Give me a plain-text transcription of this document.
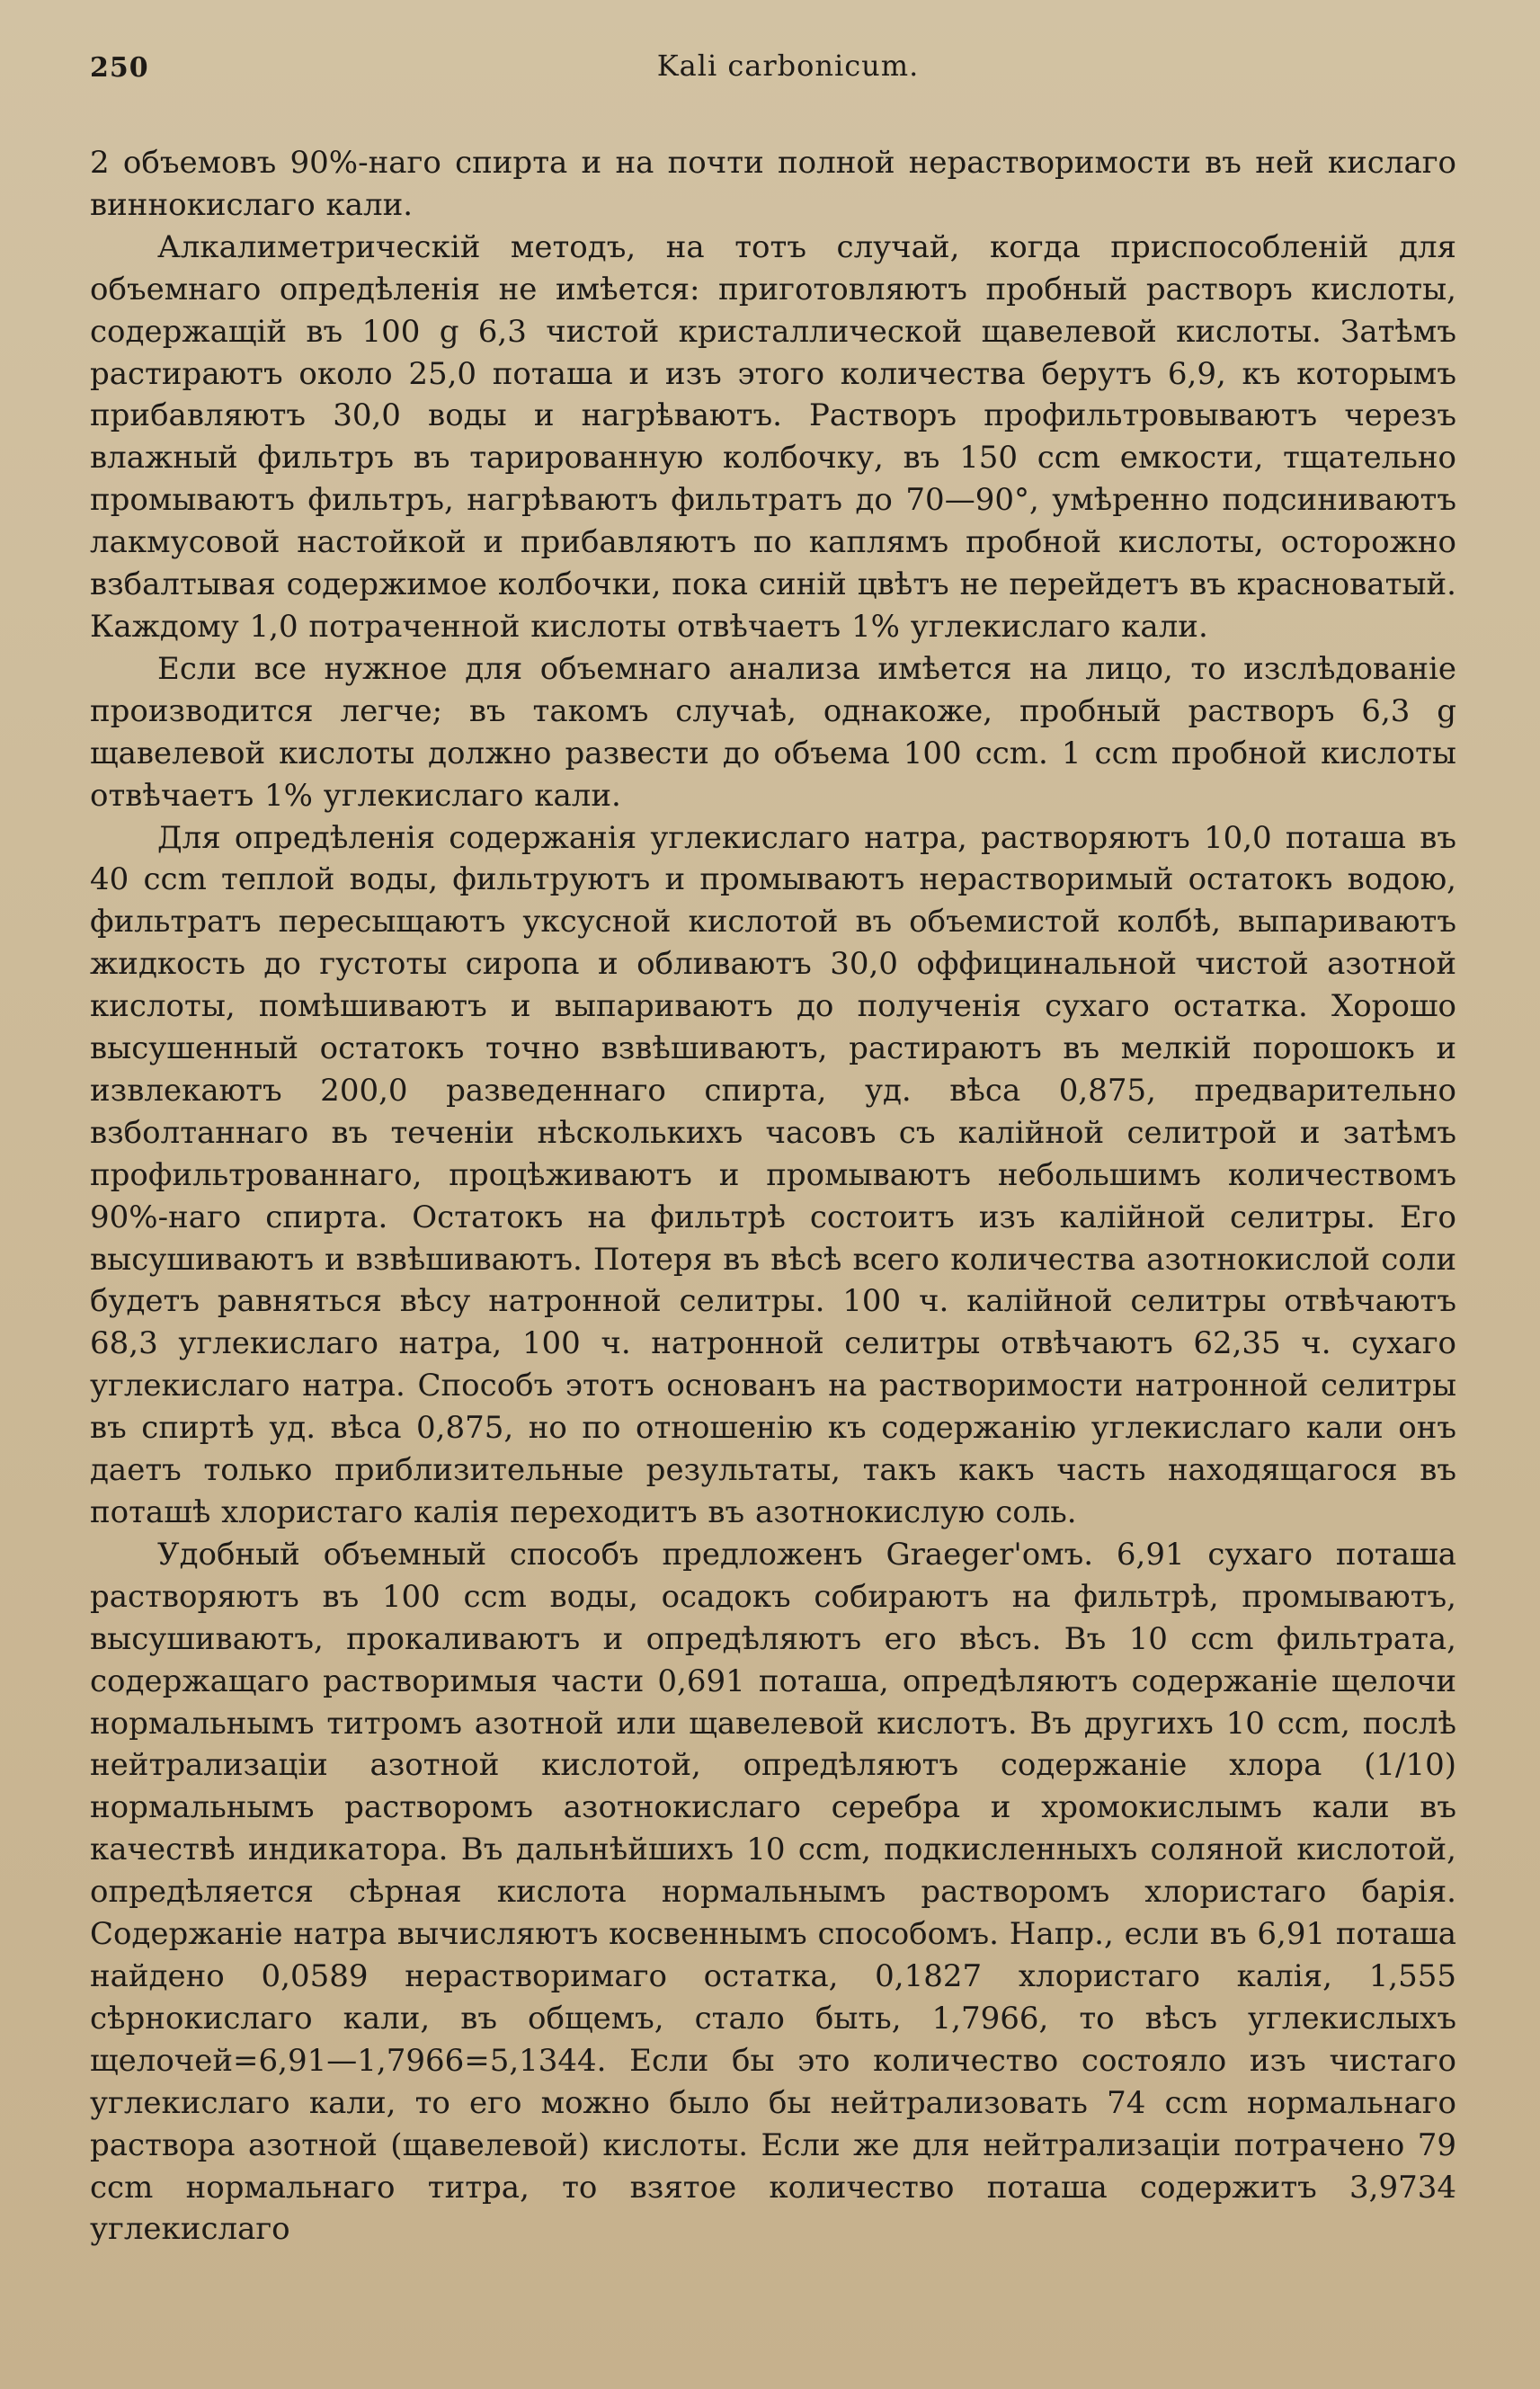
250	Kali carbonicum.

2 объемовъ 90%-наго спирта и на почти полной нерастворимости въ ней кислаго виннокислаго кали.

Алкалиметрическій методъ, на тотъ случай, когда приспособленій для объемнаго опредѣленія не имѣется: приготовляютъ пробный растворъ кислоты, содержащій въ 100 g 6,3 чистой кристаллической щавелевой кислоты. Затѣмъ растираютъ около 25,0 поташа и изъ этого количества берутъ 6,9, къ которымъ прибавляютъ 30,0 воды и нагрѣваютъ. Растворъ профильтровываютъ черезъ влажный фильтръ въ тарированную колбочку, въ 150 ccm емкости, тщательно промываютъ фильтръ, нагрѣваютъ фильтратъ до 70—90°, умѣренно подсиниваютъ лакмусовой настойкой и прибавляютъ по каплямъ пробной кислоты, осторожно взбалтывая содержимое колбочки, пока синій цвѣтъ не перейдетъ въ красноватый. Каждому 1,0 потраченной кислоты отвѣчаетъ 1% углекислаго кали.

Если все нужное для объемнаго анализа имѣется на лицо, то изслѣдованіе производится легче; въ такомъ случаѣ, однакоже, пробный растворъ 6,3 g щавелевой кислоты должно развести до объема 100 ccm. 1 ccm пробной кислоты отвѣчаетъ 1% углекислаго кали.

Для опредѣленія содержанія углекислаго натра, растворяютъ 10,0 поташа въ 40 ccm теплой воды, фильтруютъ и промываютъ нерастворимый остатокъ водою, фильтратъ пересыщаютъ уксусной кислотой въ объемистой колбѣ, выпариваютъ жидкость до густоты сиропа и обливаютъ 30,0 оффицинальной чистой азотной кислоты, помѣшиваютъ и выпариваютъ до полученія сухаго остатка. Хорошо высушенный остатокъ точно взвѣшиваютъ, растираютъ въ мелкій порошокъ и извлекаютъ 200,0 разведеннаго спирта, уд. вѣса 0,875, предварительно взболтаннаго въ теченіи нѣсколькихъ часовъ съ калійной селитрой и затѣмъ профильтрованнаго, процѣживаютъ и промываютъ небольшимъ количествомъ 90%-наго спирта. Остатокъ на фильтрѣ состоитъ изъ калійной селитры. Его высушиваютъ и взвѣшиваютъ. Потеря въ вѣсѣ всего количества азотнокислой соли будетъ равняться вѣсу натронной селитры. 100 ч. калійной селитры отвѣчаютъ 68,3 углекислаго натра, 100 ч. натронной селитры отвѣчаютъ 62,35 ч. сухаго углекислаго натра. Способъ этотъ основанъ на растворимости натронной селитры въ спиртѣ уд. вѣса 0,875, но по отношенію къ содержанію углекислаго кали онъ даетъ только приблизительные результаты, такъ какъ часть находящагося въ поташѣ хлористаго калія переходитъ въ азотнокислую соль.

Удобный объемный способъ предложенъ Graeger'омъ. 6,91 сухаго поташа растворяютъ въ 100 ccm воды, осадокъ собираютъ на фильтрѣ, промываютъ, высушиваютъ, прокаливаютъ и опредѣляютъ его вѣсъ. Въ 10 ccm фильтрата, содержащаго растворимыя части 0,691 поташа, опредѣляютъ содержаніе щелочи нормальнымъ титромъ азотной или щавелевой кислотъ. Въ другихъ 10 ccm, послѣ нейтрализаціи азотной кислотой, опредѣляютъ содержаніе хлора (1/10) нормальнымъ растворомъ азотнокислаго серебра и хромокислымъ кали въ качествѣ индикатора. Въ дальнѣйшихъ 10 ccm, подкисленныхъ соляной кислотой, опредѣляется сѣрная кислота нормальнымъ растворомъ хлористаго барія. Содержаніе натра вычисляютъ косвеннымъ способомъ. Напр., если въ 6,91 поташа найдено 0,0589 нерастворимаго остатка, 0,1827 хлористаго калія, 1,555 сѣрнокислаго кали, въ общемъ, стало быть, 1,7966, то вѣсъ углекислыхъ щелочей=6,91—1,7966=5,1344. Если бы это количество состояло изъ чистаго углекислаго кали, то его можно было бы нейтрализовать 74 ccm нормальнаго раствора азотной (щавелевой) кислоты. Если же для нейтрализаціи потрачено 79 ccm нормальнаго титра, то взятое количество поташа содержитъ 3,9734 углекислаго
